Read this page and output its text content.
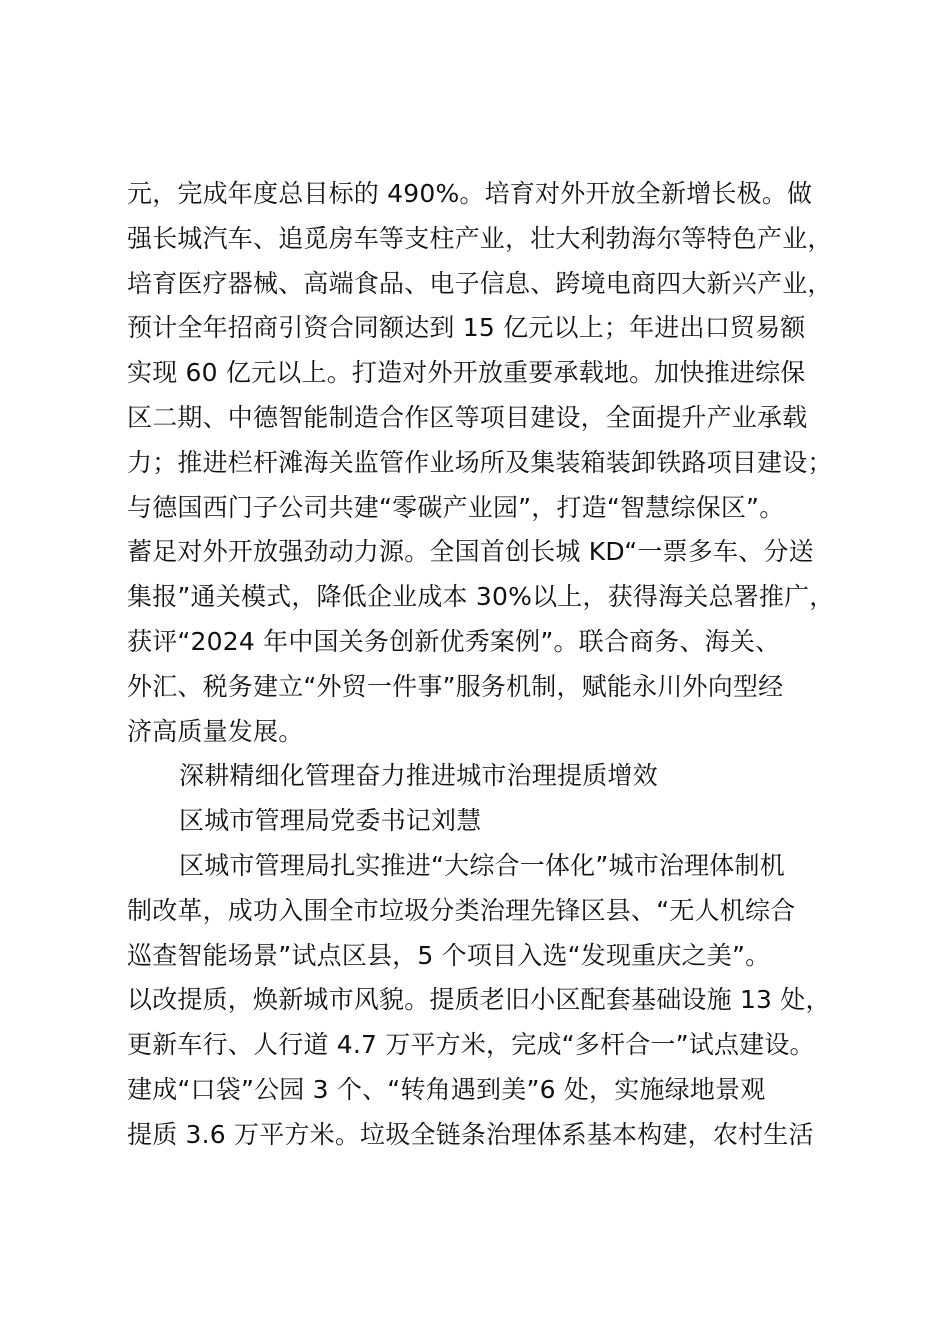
元，完成年度总目标的 490%。培育对外开放全新增长极。做
强长城汽车、追觅房车等支柱产业，壮大利勃海尔等特色产业，
培育医疗器械、高端食品、电子信息、跨境电商四大新兴产业，
预计全年招商引资合同额达到 15 亿元以上；年进出口贸易额
实现 60 亿元以上。打造对外开放重要承载地。加快推进综保
区二期、中德智能制造合作区等项目建设，全面提升产业承载
力；推进栏杆滩海关监管作业场所及集装箱装卸铁路项目建设；
与德国西门子公司共建“零碳产业园”，打造“智慧综保区”。
蓄足对外开放强劲动力源。全国首创长城 KD“一票多车、分送
集报”通关模式，降低企业成本 30%以上，获得海关总署推广，
获评“2024 年中国关务创新优秀案例”。联合商务、海关、
外汇、税务建立“外贸一件事”服务机制，赋能永川外向型经
济高质量发展。
深耕精细化管理奋力推进城市治理提质增效
区城市管理局党委书记刘慧
区城市管理局扎实推进“大综合一体化”城市治理体制机
制改革，成功入围全市垃圾分类治理先锋区县、“无人机综合
巡查智能场景”试点区县，5 个项目入选“发现重庆之美”。
以改提质，焕新城市风貌。提质老旧小区配套基础设施 13 处，
更新车行、人行道 4.7 万平方米，完成“多杆合一”试点建设。
建成“口袋”公园 3 个、“转角遇到美”6 处，实施绿地景观
提质 3.6 万平方米。垃圾全链条治理体系基本构建，农村生活
